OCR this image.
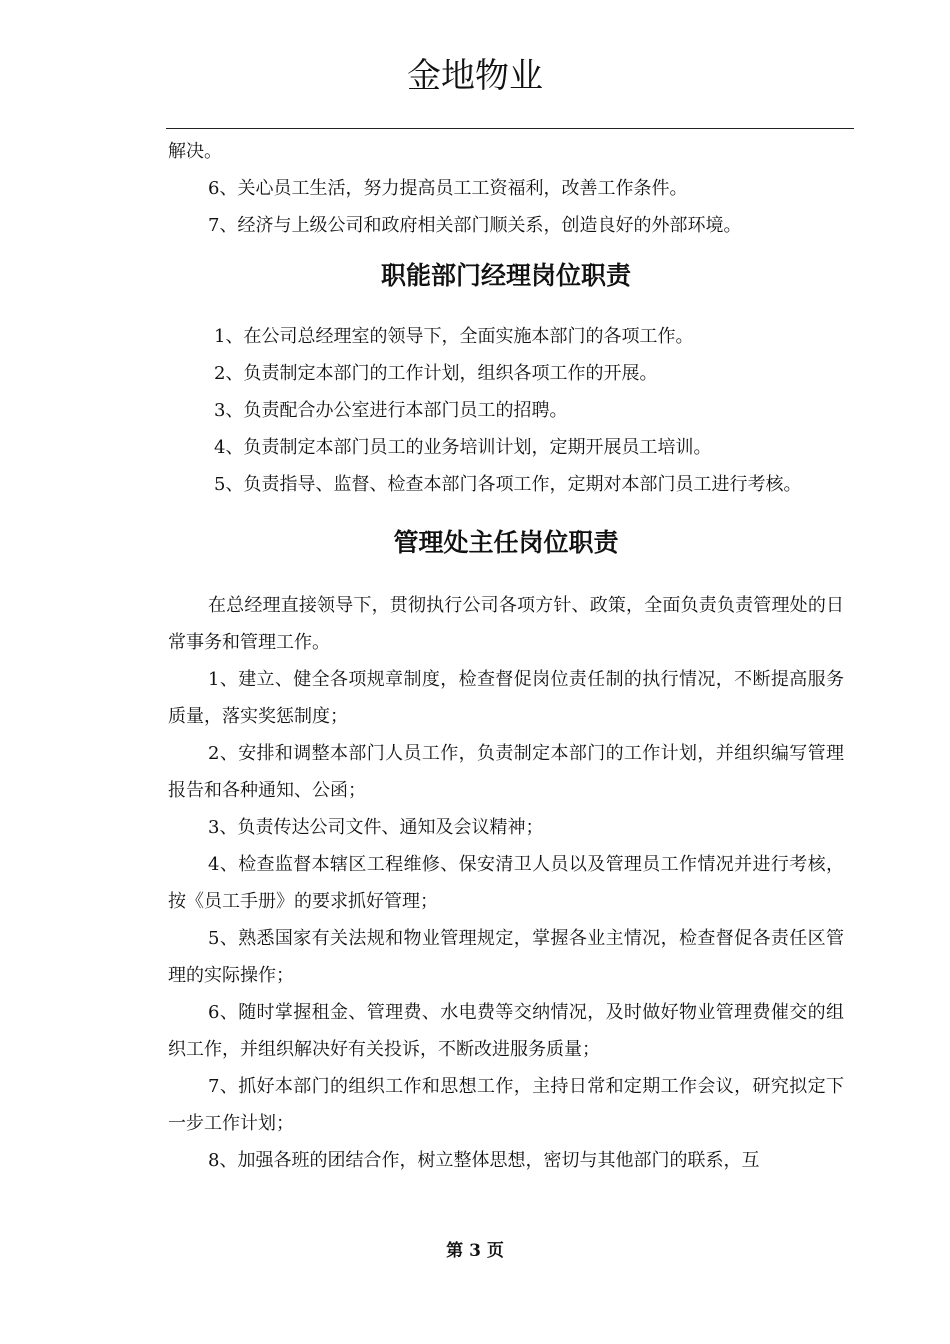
金地物业

解决。

6、关心员工生活，努力提高员工工资福利，改善工作条件。

7、经济与上级公司和政府相关部门顺关系，创造良好的外部环境。

职能部门经理岗位职责

1、在公司总经理室的领导下，全面实施本部门的各项工作。

2、负责制定本部门的工作计划，组织各项工作的开展。

3、负责配合办公室进行本部门员工的招聘。

4、负责制定本部门员工的业务培训计划，定期开展员工培训。

5、负责指导、监督、检查本部门各项工作，定期对本部门员工进行考核。

管理处主任岗位职责

在总经理直接领导下，贯彻执行公司各项方针、政策，全面负责负责管理处的日常事务和管理工作。

1、建立、健全各项规章制度，检查督促岗位责任制的执行情况，不断提高服务质量，落实奖惩制度；

2、安排和调整本部门人员工作，负责制定本部门的工作计划，并组织编写管理报告和各种通知、公函；

3、负责传达公司文件、通知及会议精神；

4、检查监督本辖区工程维修、保安清卫人员以及管理员工作情况并进行考核，按《员工手册》的要求抓好管理；

5、熟悉国家有关法规和物业管理规定，掌握各业主情况，检查督促各责任区管理的实际操作；

6、随时掌握租金、管理费、水电费等交纳情况，及时做好物业管理费催交的组织工作，并组织解决好有关投诉，不断改进服务质量；

7、抓好本部门的组织工作和思想工作，主持日常和定期工作会议，研究拟定下一步工作计划；

8、加强各班的团结合作，树立整体思想，密切与其他部门的联系，互

第 3 页
